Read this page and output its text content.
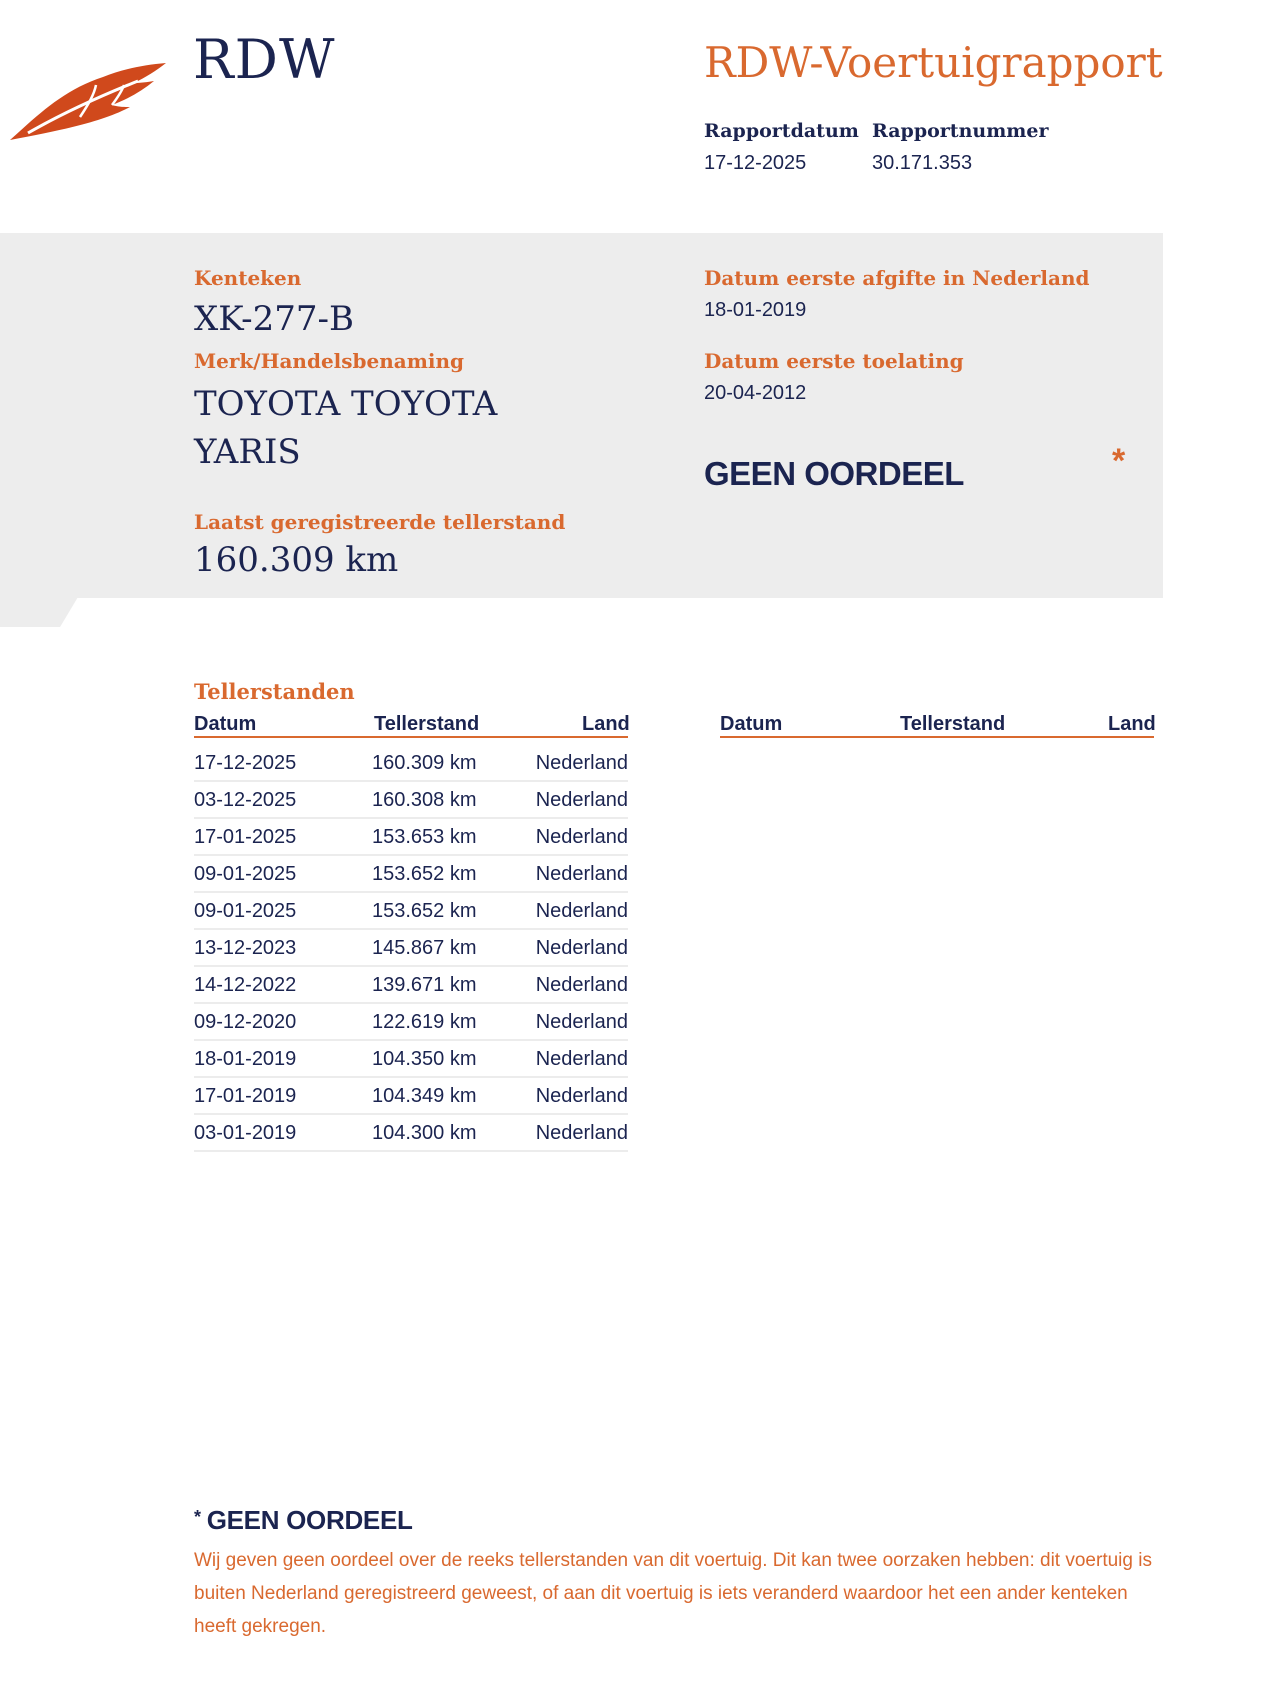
RDW	RDW-Voertuigrapport
Rapportdatum
17-12-2025
Rapportnummer
30.171.353
Kenteken
XK-277-B
Merk/Handelsbenaming
TOYOTA TOYOTA
YARIS
Laatst geregistreerde tellerstand
160.309 km
Datum eerste afgifte in Nederland
18-01-2019
Datum eerste toelating
20-04-2012
GEEN OORDEEL	*
Tellerstanden
Datum	Tellerstand	Land	Datum	Tellerstand	Land
17-12-2025	160.309 km	Nederland
03-12-2025	160.308 km	Nederland
17-01-2025	153.653 km	Nederland
09-01-2025	153.652 km	Nederland
09-01-2025	153.652 km	Nederland
13-12-2023	145.867 km	Nederland
14-12-2022	139.671 km	Nederland
09-12-2020	122.619 km	Nederland
18-01-2019	104.350 km	Nederland
17-01-2019	104.349 km	Nederland
03-01-2019	104.300 km	Nederland
* GEEN OORDEEL
Wij geven geen oordeel over de reeks tellerstanden van dit voertuig. Dit kan twee oorzaken hebben: dit voertuig is buiten Nederland geregistreerd geweest, of aan dit voertuig is iets veranderd waardoor het een ander kenteken heeft gekregen.
